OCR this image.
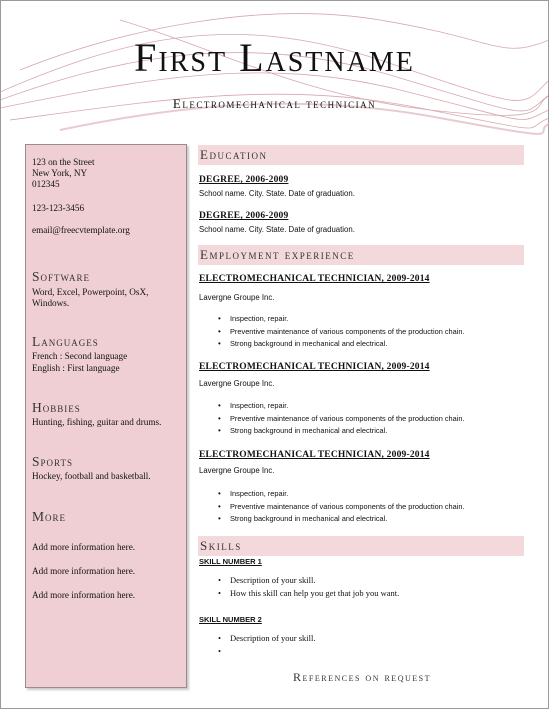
First Lastname
Electromechanical technician
123 on the Street
New York, NY
012345
123-123-3456
email@freecvtemplate.org
Software
Word, Excel, Powerpoint, OsX,
Windows.
Languages
French : Second language
English : First language
Hobbies
Hunting, fishing, guitar and drums.
Sports
Hockey, football and basketball.
More
Add more information here.
Add more information here.
Add more information here.
Education
DEGREE, 2006-2009
School name. City. State. Date of graduation.
DEGREE, 2006-2009
School name. City. State. Date of graduation.
Employment experience
ELECTROMECHANICAL TECHNICIAN, 2009-2014
Lavergne Groupe Inc.
• Inspection, repair.
• Preventive maintenance of various components of the production chain.
• Strong background in mechanical and electrical.
ELECTROMECHANICAL TECHNICIAN, 2009-2014
Lavergne Groupe Inc.
• Inspection, repair.
• Preventive maintenance of various components of the production chain.
• Strong background in mechanical and electrical.
ELECTROMECHANICAL TECHNICIAN, 2009-2014
Lavergne Groupe Inc.
• Inspection, repair.
• Preventive maintenance of various components of the production chain.
• Strong background in mechanical and electrical.
Skills
SKILL NUMBER 1
• Description of your skill.
• How this skill can help you get that job you want.
SKILL NUMBER 2
• Description of your skill.
•
References on request
